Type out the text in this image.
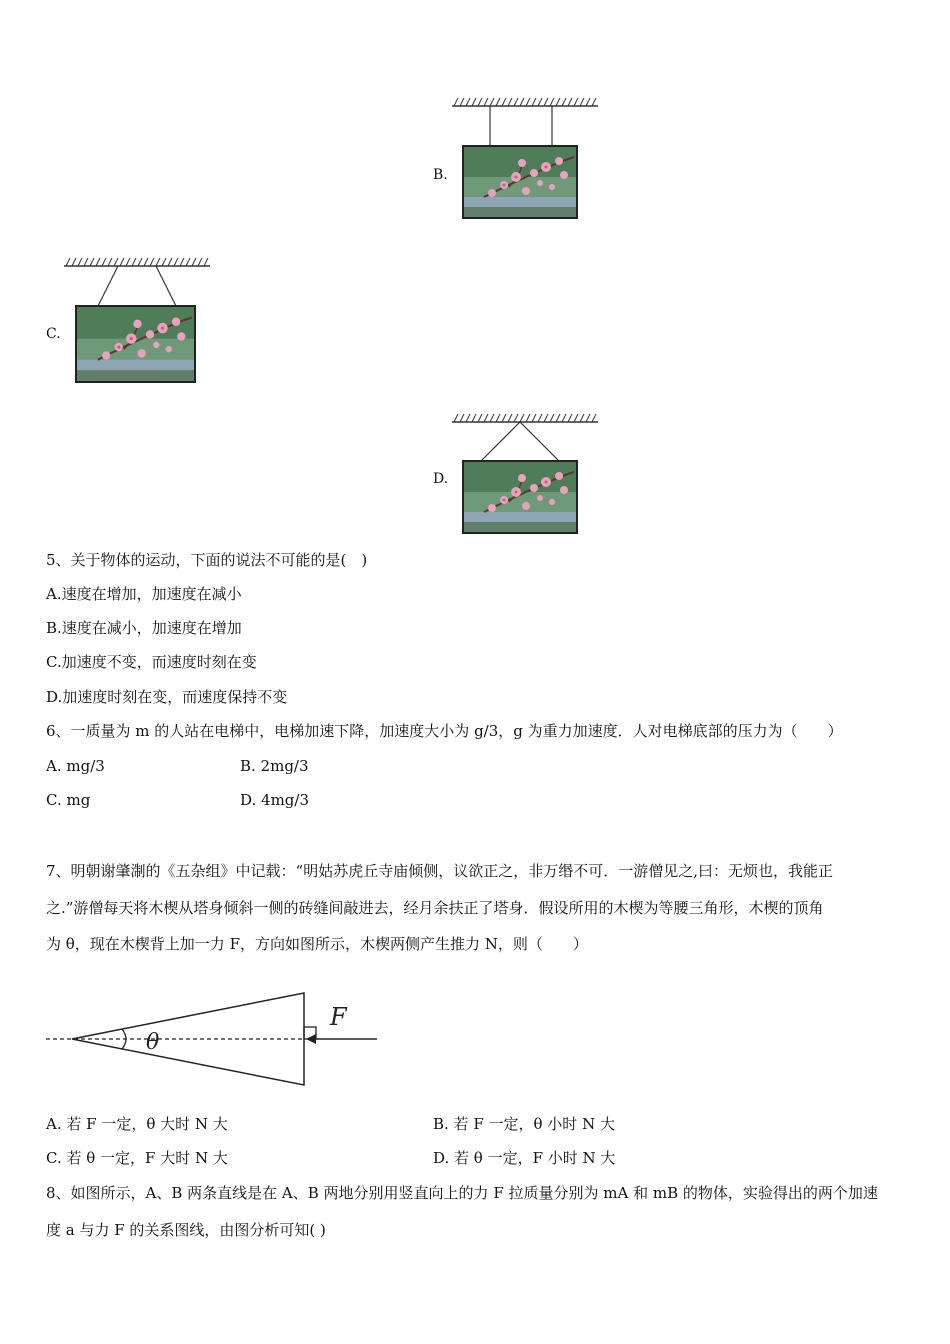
B.
C.
D.
5、关于物体的运动，下面的说法不可能的是(　)
A.速度在增加，加速度在减小
B.速度在减小，加速度在增加
C.加速度不变，而速度时刻在变
D.加速度时刻在变，而速度保持不变
6、一质量为 m 的人站在电梯中，电梯加速下降，加速度大小为 g/3，g 为重力加速度．人对电梯底部的压力为（　　）
A. mg/3	B. 2mg/3
C. mg	D. 4mg/3
7、明朝谢肇淛的《五杂组》中记载：“明姑苏虎丘寺庙倾侧，议欲正之，非万缗不可．一游僧见之,曰：无烦也，我能正
之.”游僧每天将木楔从塔身倾斜一侧的砖缝间敲进去，经月余扶正了塔身．假设所用的木楔为等腰三角形，木楔的顶角
为 θ，现在木楔背上加一力 F，方向如图所示，木楔两侧产生推力 N，则（　　）
θ
F
A. 若 F 一定，θ 大时 N 大	B. 若 F 一定，θ 小时 N 大
C. 若 θ 一定，F 大时 N 大	D. 若 θ 一定，F 小时 N 大
8、如图所示，A、B 两条直线是在 A、B 两地分别用竖直向上的力 F 拉质量分别为 mA 和 mB 的物体，实验得出的两个加速
度 a 与力 F 的关系图线，由图分析可知( )
